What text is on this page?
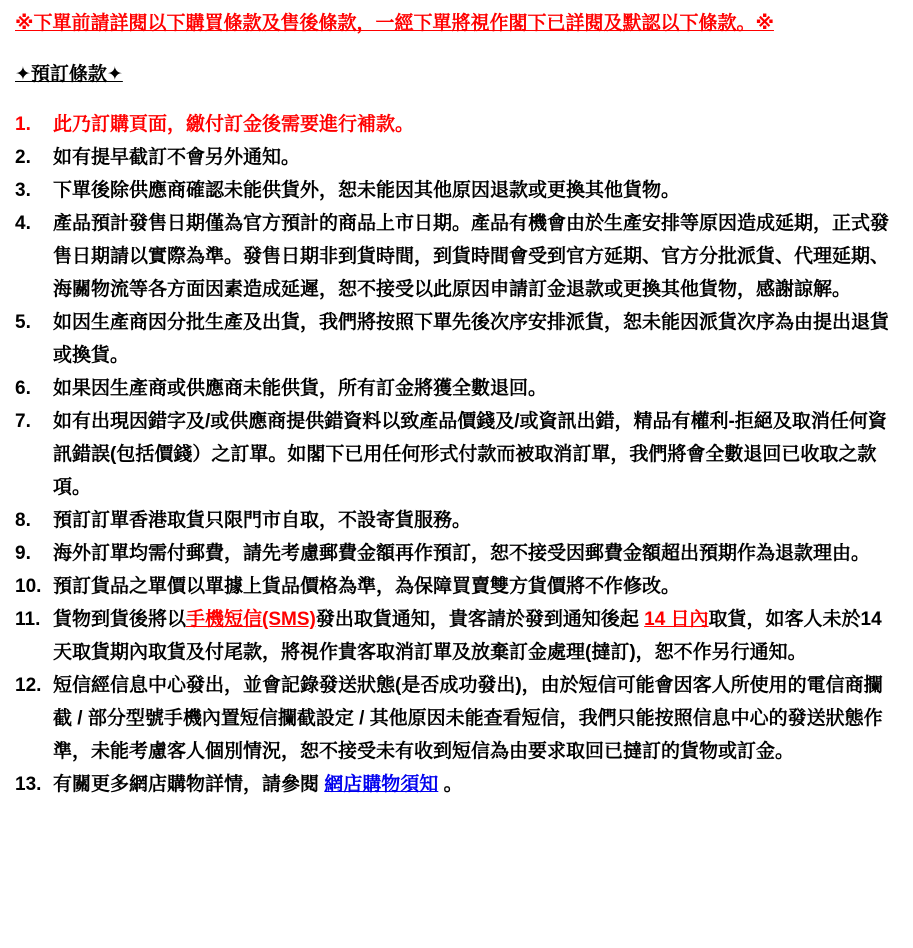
※下單前請詳閱以下購買條款及售後條款，一經下單將視作閣下已詳閱及默認以下條款。※
✦預訂條款✦
1.	此乃訂購頁面，繳付訂金後需要進行補款。
2.	如有提早截訂不會另外通知。
3.	下單後除供應商確認未能供貨外，恕未能因其他原因退款或更換其他貨物。
4.	產品預計發售日期僅為官方預計的商品上市日期。產品有機會由於生產安排等原因造成延期，正式發售日期請以實際為準。發售日期非到貨時間，到貨時間會受到官方延期、官方分批派貨、代理延期、海關物流等各方面因素造成延遲，恕不接受以此原因申請訂金退款或更換其他貨物，感謝諒解。
5.	如因生產商因分批生產及出貨，我們將按照下單先後次序安排派貨，恕未能因派貨次序為由提出退貨或換貨。
6.	如果因生產商或供應商未能供貨，所有訂金將獲全數退回。
7.	如有出現因錯字及/或供應商提供錯資料以致產品價錢及/或資訊出錯，精品有權利-拒絕及取消任何資訊錯誤(包括價錢）之訂單。如閣下已用任何形式付款而被取消訂單，我們將會全數退回已收取之款項。
8.	預訂訂單香港取貨只限門市自取，不設寄貨服務。
9.	海外訂單均需付郵費，請先考慮郵費金額再作預訂，恕不接受因郵費金額超出預期作為退款理由。
10. 預訂貨品之單價以單據上貨品價格為準，為保障買賣雙方貨價將不作修改。
11. 貨物到貨後將以手機短信(SMS)發出取貨通知，貴客請於發到通知後起 14 日內取貨，如客人未於14 天取貨期內取貨及付尾款，將視作貴客取消訂單及放棄訂金處理(撻訂)，恕不作另行通知。
12. 短信經信息中心發出，並會記錄發送狀態(是否成功發出)，由於短信可能會因客人所使用的電信商攔截 / 部分型號手機內置短信攔截設定 / 其他原因未能查看短信，我們只能按照信息中心的發送狀態作準，未能考慮客人個別情況，恕不接受未有收到短信為由要求取回已撻訂的貨物或訂金。
13. 有關更多網店購物詳情，請參閱 網店購物須知 。
